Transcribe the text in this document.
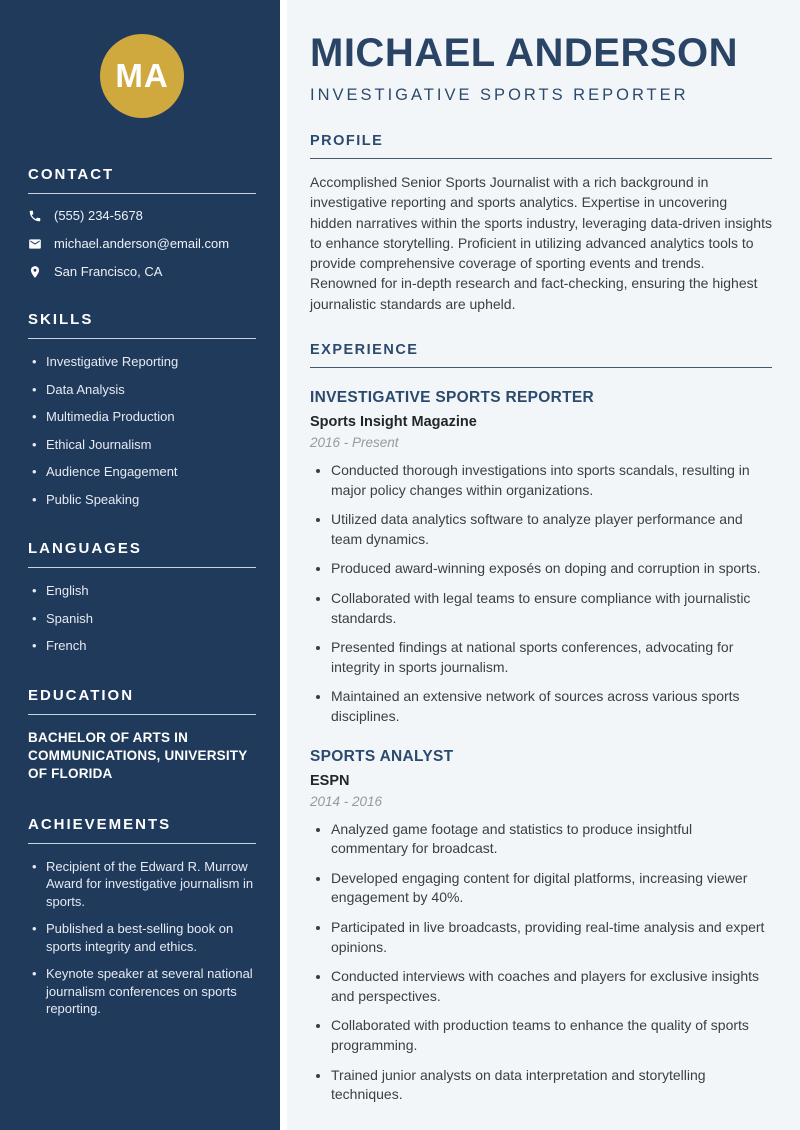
MA
CONTACT
(555) 234-5678
michael.anderson@email.com
San Francisco, CA
SKILLS
• Investigative Reporting
• Data Analysis
• Multimedia Production
• Ethical Journalism
• Audience Engagement
• Public Speaking
LANGUAGES
• English
• Spanish
• French
EDUCATION

BACHELOR OF ARTS IN COMMUNICATIONS, UNIVERSITY OF FLORIDA

ACHIEVEMENTS
• Recipient of the Edward R. Murrow Award for investigative journalism in sports.
• Published a best-selling book on sports integrity and ethics.
• Keynote speaker at several national journalism conferences on sports reporting.
MICHAEL ANDERSON
INVESTIGATIVE SPORTS REPORTER
PROFILE

Accomplished Senior Sports Journalist with a rich background in investigative reporting and sports analytics. Expertise in uncovering hidden narratives within the sports industry, leveraging data-driven insights to enhance storytelling. Proficient in utilizing advanced analytics tools to provide comprehensive coverage of sporting events and trends. Renowned for in-depth research and fact-checking, ensuring the highest journalistic standards are upheld.

EXPERIENCE
INVESTIGATIVE SPORTS REPORTER
Sports Insight Magazine
2016 - Present
• Conducted thorough investigations into sports scandals, resulting in major policy changes within organizations.
• Utilized data analytics software to analyze player performance and team dynamics.
• Produced award-winning exposés on doping and corruption in sports.
• Collaborated with legal teams to ensure compliance with journalistic standards.
• Presented findings at national sports conferences, advocating for integrity in sports journalism.
• Maintained an extensive network of sources across various sports disciplines.
SPORTS ANALYST
ESPN
2014 - 2016
• Analyzed game footage and statistics to produce insightful commentary for broadcast.
• Developed engaging content for digital platforms, increasing viewer engagement by 40%.
• Participated in live broadcasts, providing real-time analysis and expert opinions.
• Conducted interviews with coaches and players for exclusive insights and perspectives.
• Collaborated with production teams to enhance the quality of sports programming.
• Trained junior analysts on data interpretation and storytelling techniques.
